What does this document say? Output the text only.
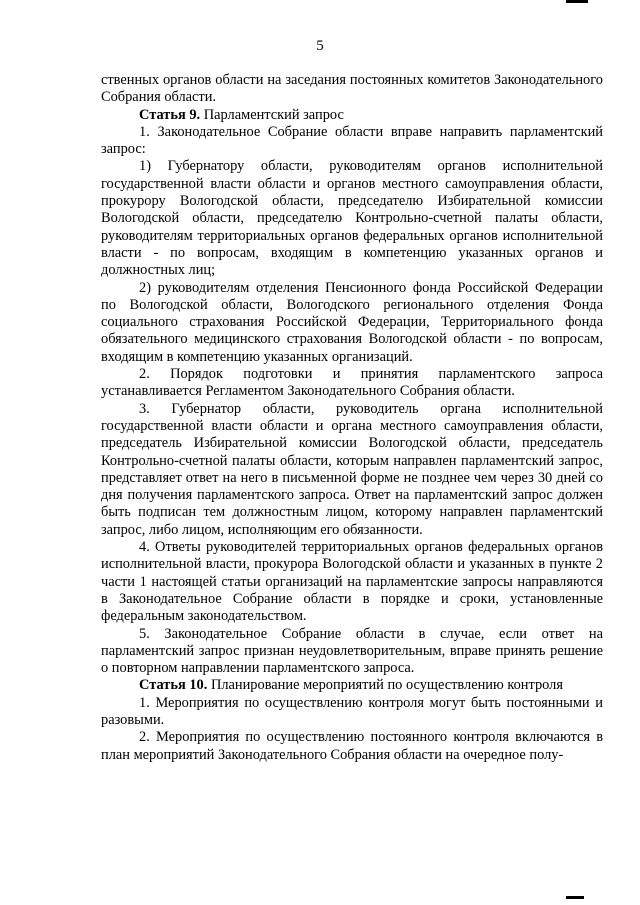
5

ственных органов области на заседания постоянных комитетов Законодательного Собрания области.

Статья 9. Парламентский запрос

1. Законодательное Собрание области вправе направить парламентский запрос:

1) Губернатору области, руководителям органов исполнительной государственной власти области и органов местного самоуправления области, прокурору Вологодской области, председателю Избирательной комиссии Вологодской области, председателю Контрольно-счетной палаты области, руководителям территориальных органов федеральных органов исполнительной власти - по вопросам, входящим в компетенцию указанных органов и должностных лиц;

2) руководителям отделения Пенсионного фонда Российской Федерации по Вологодской области, Вологодского регионального отделения Фонда социального страхования Российской Федерации, Территориального фонда обязательного медицинского страхования Вологодской области - по вопросам, входящим в компетенцию указанных организаций.

2. Порядок подготовки и принятия парламентского запроса устанавливается Регламентом Законодательного Собрания области.

3. Губернатор области, руководитель органа исполнительной государственной власти области и органа местного самоуправления области, председатель Избирательной комиссии Вологодской области, председатель Контрольно-счетной палаты области, которым направлен парламентский запрос, представляет ответ на него в письменной форме не позднее чем через 30 дней со дня получения парламентского запроса. Ответ на парламентский запрос должен быть подписан тем должностным лицом, которому направлен парламентский запрос, либо лицом, исполняющим его обязанности.

4. Ответы руководителей территориальных органов федеральных органов исполнительной власти, прокурора Вологодской области и указанных в пункте 2 части 1 настоящей статьи организаций на парламентские запросы направляются в Законодательное Собрание области в порядке и сроки, установленные федеральным законодательством.

5. Законодательное Собрание области в случае, если ответ на парламентский запрос признан неудовлетворительным, вправе принять решение о повторном направлении парламентского запроса.

Статья 10. Планирование мероприятий по осуществлению контроля

1. Мероприятия по осуществлению контроля могут быть постоянными и разовыми.

2. Мероприятия по осуществлению постоянного контроля включаются в план мероприятий Законодательного Собрания области на очередное полу-
